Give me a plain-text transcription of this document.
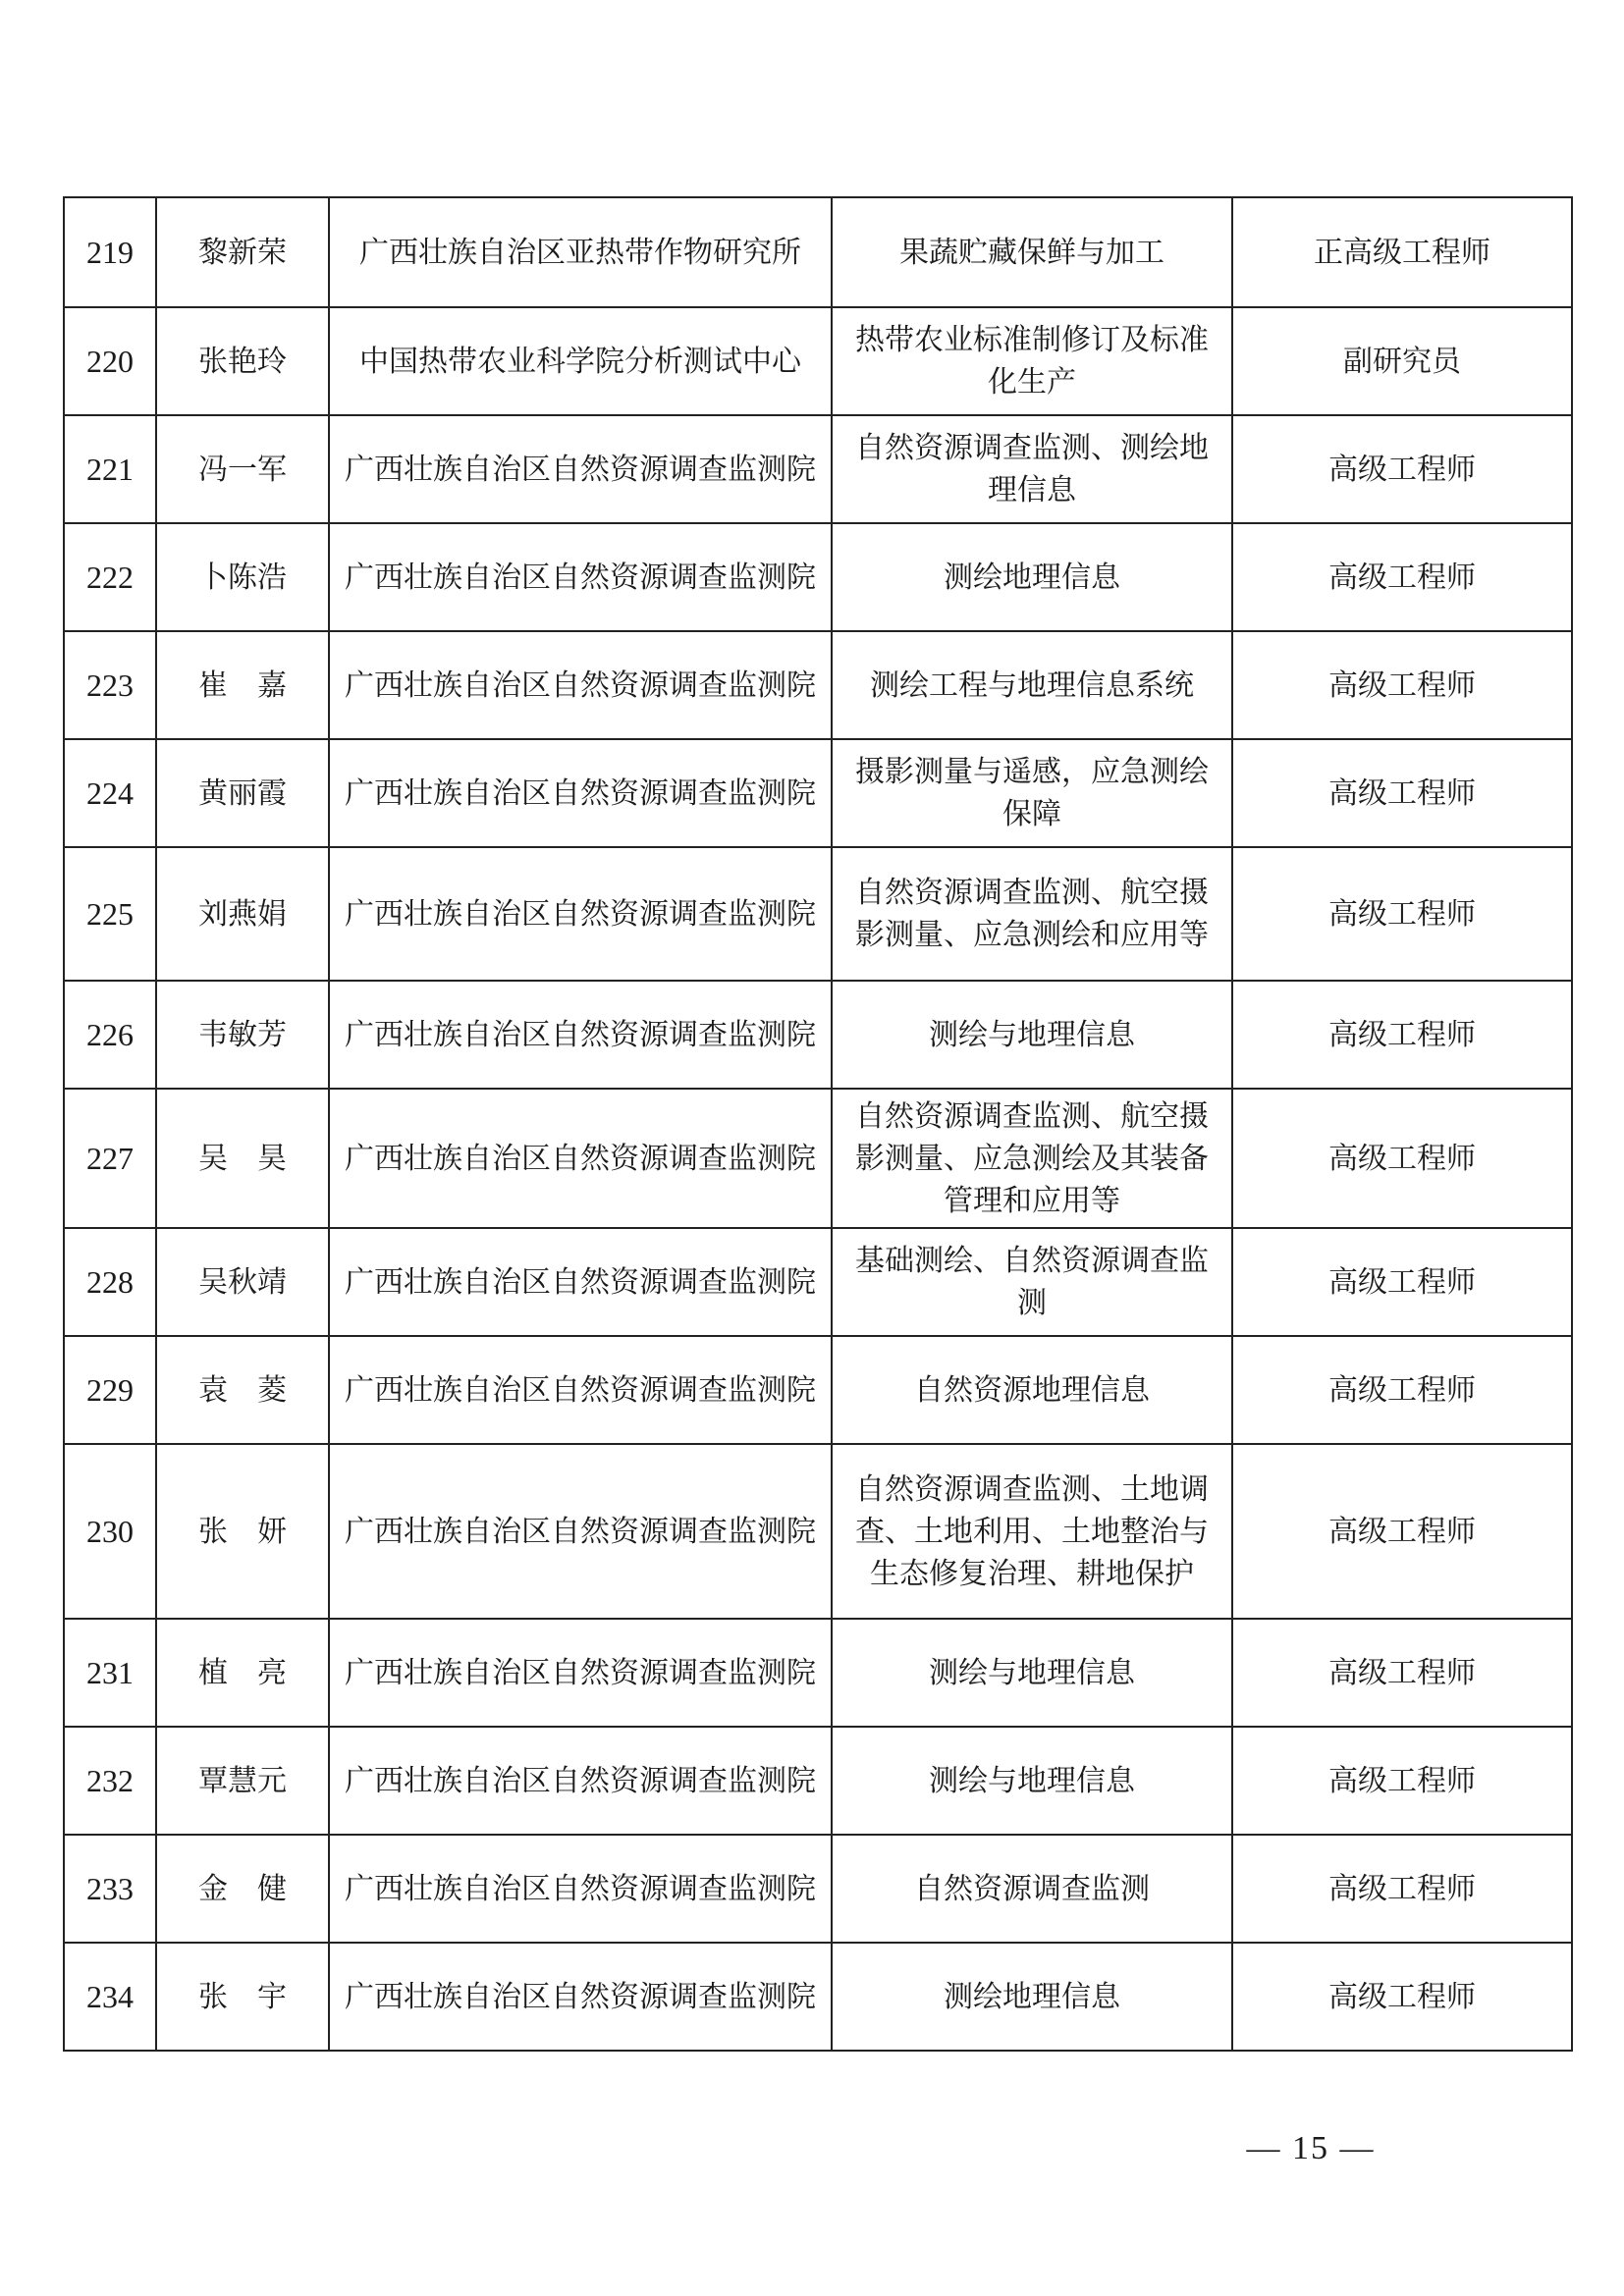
219	黎新荣	广西壮族自治区亚热带作物研究所	果蔬贮藏保鲜与加工	正高级工程师
220	张艳玲	中国热带农业科学院分析测试中心	热带农业标准制修订及标准化生产	副研究员
221	冯一军	广西壮族自治区自然资源调查监测院	自然资源调查监测、测绘地理信息	高级工程师
222	卜陈浩	广西壮族自治区自然资源调查监测院	测绘地理信息	高级工程师
223	崔　嘉	广西壮族自治区自然资源调查监测院	测绘工程与地理信息系统	高级工程师
224	黄丽霞	广西壮族自治区自然资源调查监测院	摄影测量与遥感，应急测绘保障	高级工程师
225	刘燕娟	广西壮族自治区自然资源调查监测院	自然资源调查监测、航空摄影测量、应急测绘和应用等	高级工程师
226	韦敏芳	广西壮族自治区自然资源调查监测院	测绘与地理信息	高级工程师
227	吴　昊	广西壮族自治区自然资源调查监测院	自然资源调查监测、航空摄影测量、应急测绘及其装备管理和应用等	高级工程师
228	吴秋靖	广西壮族自治区自然资源调查监测院	基础测绘、自然资源调查监测	高级工程师
229	袁　菱	广西壮族自治区自然资源调查监测院	自然资源地理信息	高级工程师
230	张　妍	广西壮族自治区自然资源调查监测院	自然资源调查监测、土地调查、土地利用、土地整治与生态修复治理、耕地保护	高级工程师
231	植　亮	广西壮族自治区自然资源调查监测院	测绘与地理信息	高级工程师
232	覃慧元	广西壮族自治区自然资源调查监测院	测绘与地理信息	高级工程师
233	金　健	广西壮族自治区自然资源调查监测院	自然资源调查监测	高级工程师
234	张　宇	广西壮族自治区自然资源调查监测院	测绘地理信息	高级工程师
— 15 —
